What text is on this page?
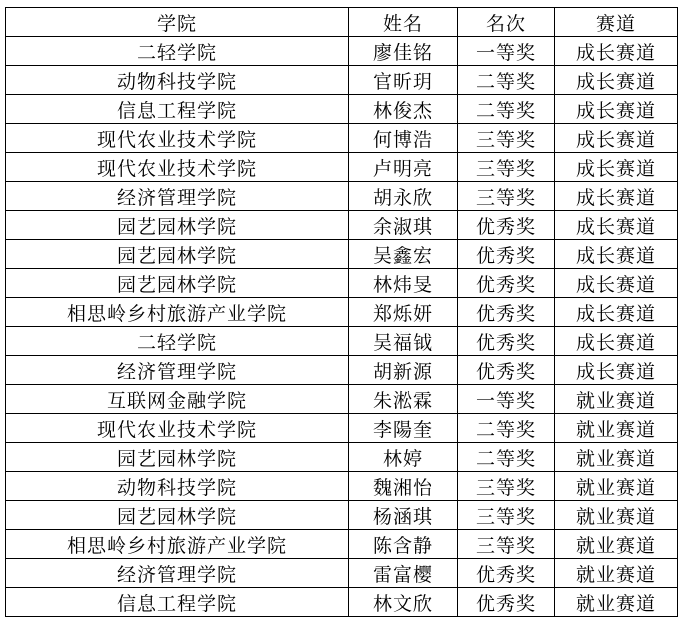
学院	姓名	名次	赛道
二轻学院	廖佳铭	一等奖	成长赛道
动物科技学院	官昕玥	二等奖	成长赛道
信息工程学院	林俊杰	二等奖	成长赛道
现代农业技术学院	何博浩	三等奖	成长赛道
现代农业技术学院	卢明亮	三等奖	成长赛道
经济管理学院	胡永欣	三等奖	成长赛道
园艺园林学院	余淑琪	优秀奖	成长赛道
园艺园林学院	吴鑫宏	优秀奖	成长赛道
园艺园林学院	林炜旻	优秀奖	成长赛道
相思岭乡村旅游产业学院	郑烁妍	优秀奖	成长赛道
二轻学院	吴福钺	优秀奖	成长赛道
经济管理学院	胡新源	优秀奖	成长赛道
互联网金融学院	朱淞霖	一等奖	就业赛道
现代农业技术学院	李陽奎	二等奖	就业赛道
园艺园林学院	林婷	二等奖	就业赛道
动物科技学院	魏湘怡	三等奖	就业赛道
园艺园林学院	杨涵琪	三等奖	就业赛道
相思岭乡村旅游产业学院	陈含静	三等奖	就业赛道
经济管理学院	雷富樱	优秀奖	就业赛道
信息工程学院	林文欣	优秀奖	就业赛道
